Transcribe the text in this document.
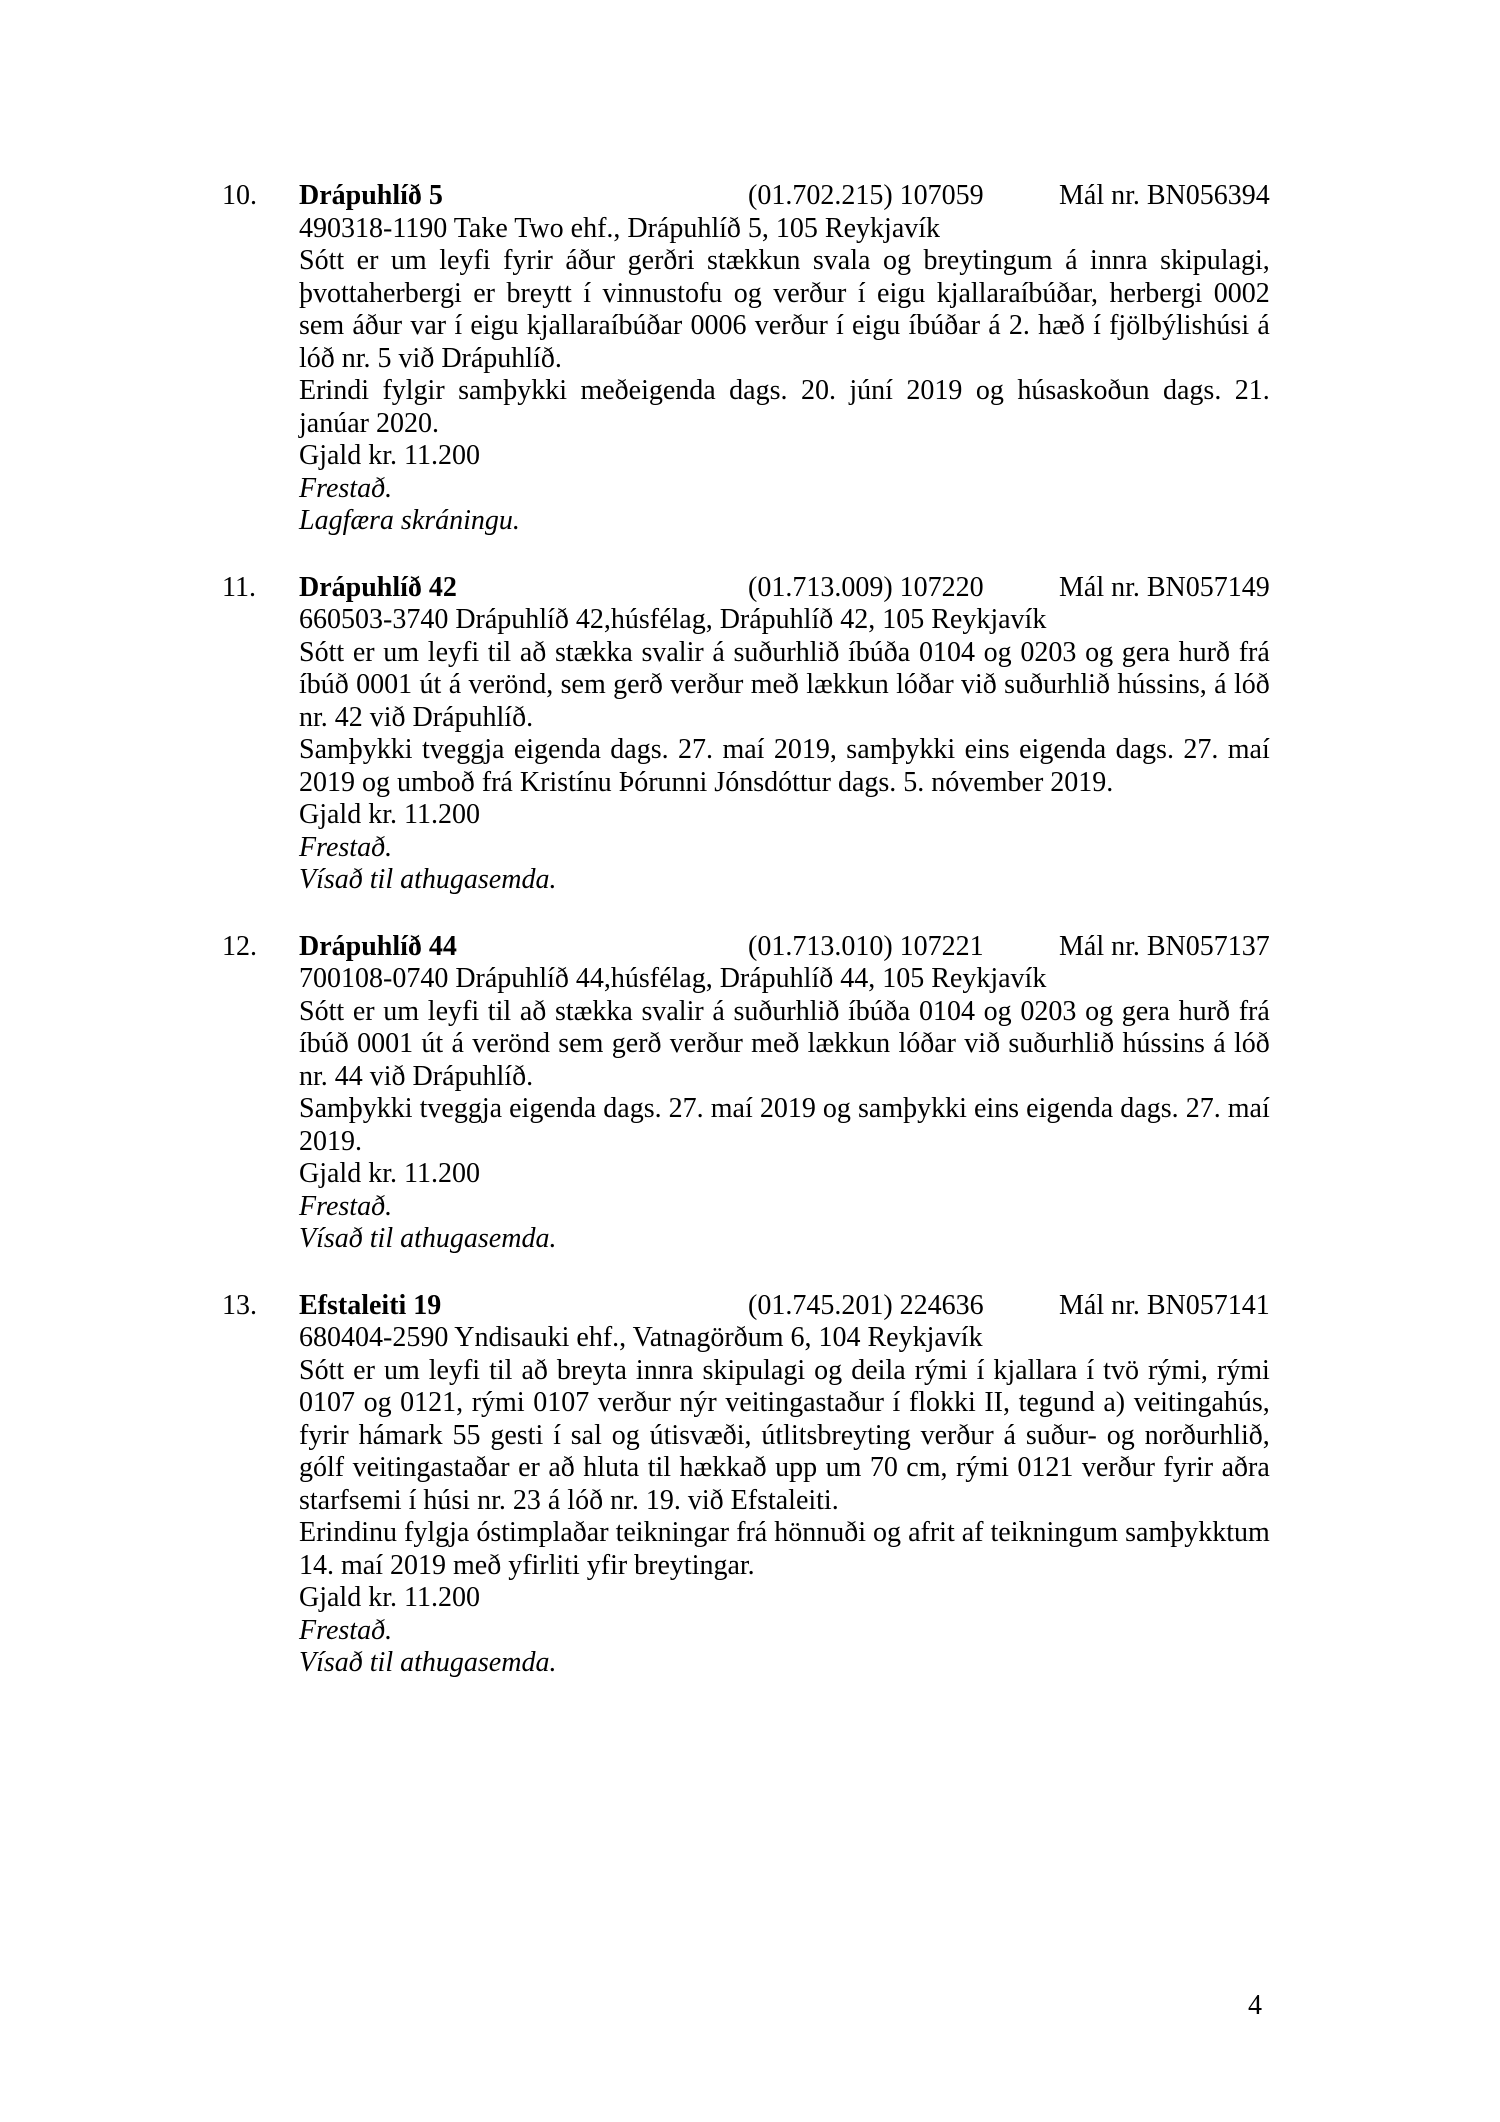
10.	Drápuhlíð 5	(01.702.215) 107059	Mál nr. BN056394
490318-1190 Take Two ehf., Drápuhlíð 5, 105 Reykjavík
Sótt er um leyfi fyrir áður gerðri stækkun svala og breytingum á innra skipulagi, þvottaherbergi er breytt í vinnustofu og verður í eigu kjallaraíbúðar, herbergi 0002 sem áður var í eigu kjallaraíbúðar 0006 verður í eigu íbúðar á 2. hæð í fjölbýlishúsi á lóð nr. 5 við Drápuhlíð.
Erindi fylgir samþykki meðeigenda dags. 20. júní 2019 og húsaskoðun dags. 21. janúar 2020.
Gjald kr. 11.200
Frestað.
Lagfæra skráningu.
11.	Drápuhlíð 42	(01.713.009) 107220	Mál nr. BN057149
660503-3740 Drápuhlíð 42,húsfélag, Drápuhlíð 42, 105 Reykjavík
Sótt er um leyfi til að stækka svalir á suðurhlið íbúða 0104 og 0203 og gera hurð frá íbúð 0001 út á verönd, sem gerð verður með lækkun lóðar við suðurhlið hússins, á lóð nr. 42 við Drápuhlíð.
Samþykki tveggja eigenda dags. 27. maí 2019, samþykki eins eigenda dags. 27. maí 2019 og umboð frá Kristínu Þórunni Jónsdóttur dags. 5. nóvember 2019.
Gjald kr. 11.200
Frestað.
Vísað til athugasemda.
12.	Drápuhlíð 44	(01.713.010) 107221	Mál nr. BN057137
700108-0740 Drápuhlíð 44,húsfélag, Drápuhlíð 44, 105 Reykjavík
Sótt er um leyfi til að stækka svalir á suðurhlið íbúða 0104 og 0203 og gera hurð frá íbúð 0001 út á verönd sem gerð verður með lækkun lóðar við suðurhlið hússins á lóð nr. 44 við Drápuhlíð.
Samþykki tveggja eigenda dags. 27. maí 2019 og samþykki eins eigenda dags. 27. maí 2019.
Gjald kr. 11.200
Frestað.
Vísað til athugasemda.
13.	Efstaleiti 19	(01.745.201) 224636	Mál nr. BN057141
680404-2590 Yndisauki ehf., Vatnagörðum 6, 104 Reykjavík
Sótt er um leyfi til að breyta innra skipulagi og deila rými í kjallara í tvö rými, rými 0107 og 0121, rými 0107 verður nýr veitingastaður í flokki II, tegund a) veitingahús, fyrir hámark 55 gesti í sal og útisvæði, útlitsbreyting verður á suður- og norðurhlið, gólf veitingastaðar er að hluta til hækkað upp um 70 cm, rými 0121 verður fyrir aðra starfsemi í húsi nr. 23 á lóð nr. 19. við Efstaleiti.
Erindinu fylgja óstimplaðar teikningar frá hönnuði og afrit af teikningum samþykktum 14. maí 2019 með yfirliti yfir breytingar.
Gjald kr. 11.200
Frestað.
Vísað til athugasemda.
4
